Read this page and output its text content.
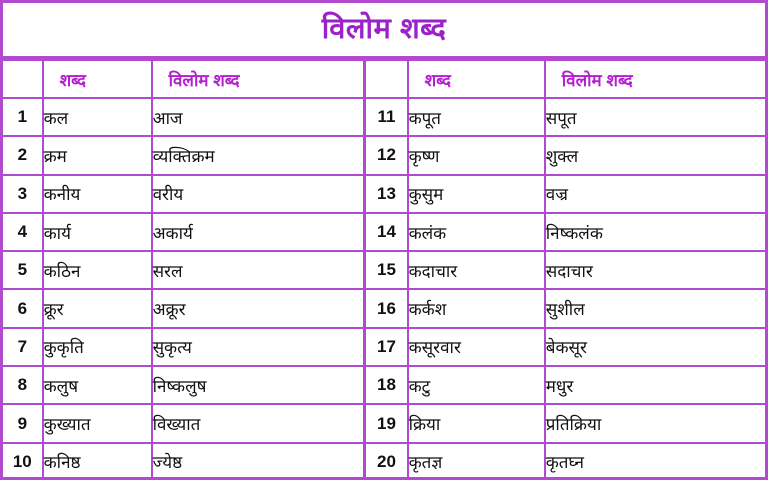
विलोम शब्द
	शब्द	विलोम शब्द		शब्द	विलोम शब्द
1	कल	आज	11	कपूत	सपूत
2	क्रम	व्यक्तिक्रम	12	कृष्ण	शुक्ल
3	कनीय	वरीय	13	कुसुम	वज्र
4	कार्य	अकार्य	14	कलंक	निष्कलंक
5	कठिन	सरल	15	कदाचार	सदाचार
6	क्रूर	अक्रूर	16	कर्कश	सुशील
7	कुकृति	सुकृत्य	17	कसूरवार	बेकसूर
8	कलुष	निष्कलुष	18	कटु	मधुर
9	कुख्यात	विख्यात	19	क्रिया	प्रतिक्रिया
10	कनिष्ठ	ज्येष्ठ	20	कृतज्ञ	कृतघ्न
